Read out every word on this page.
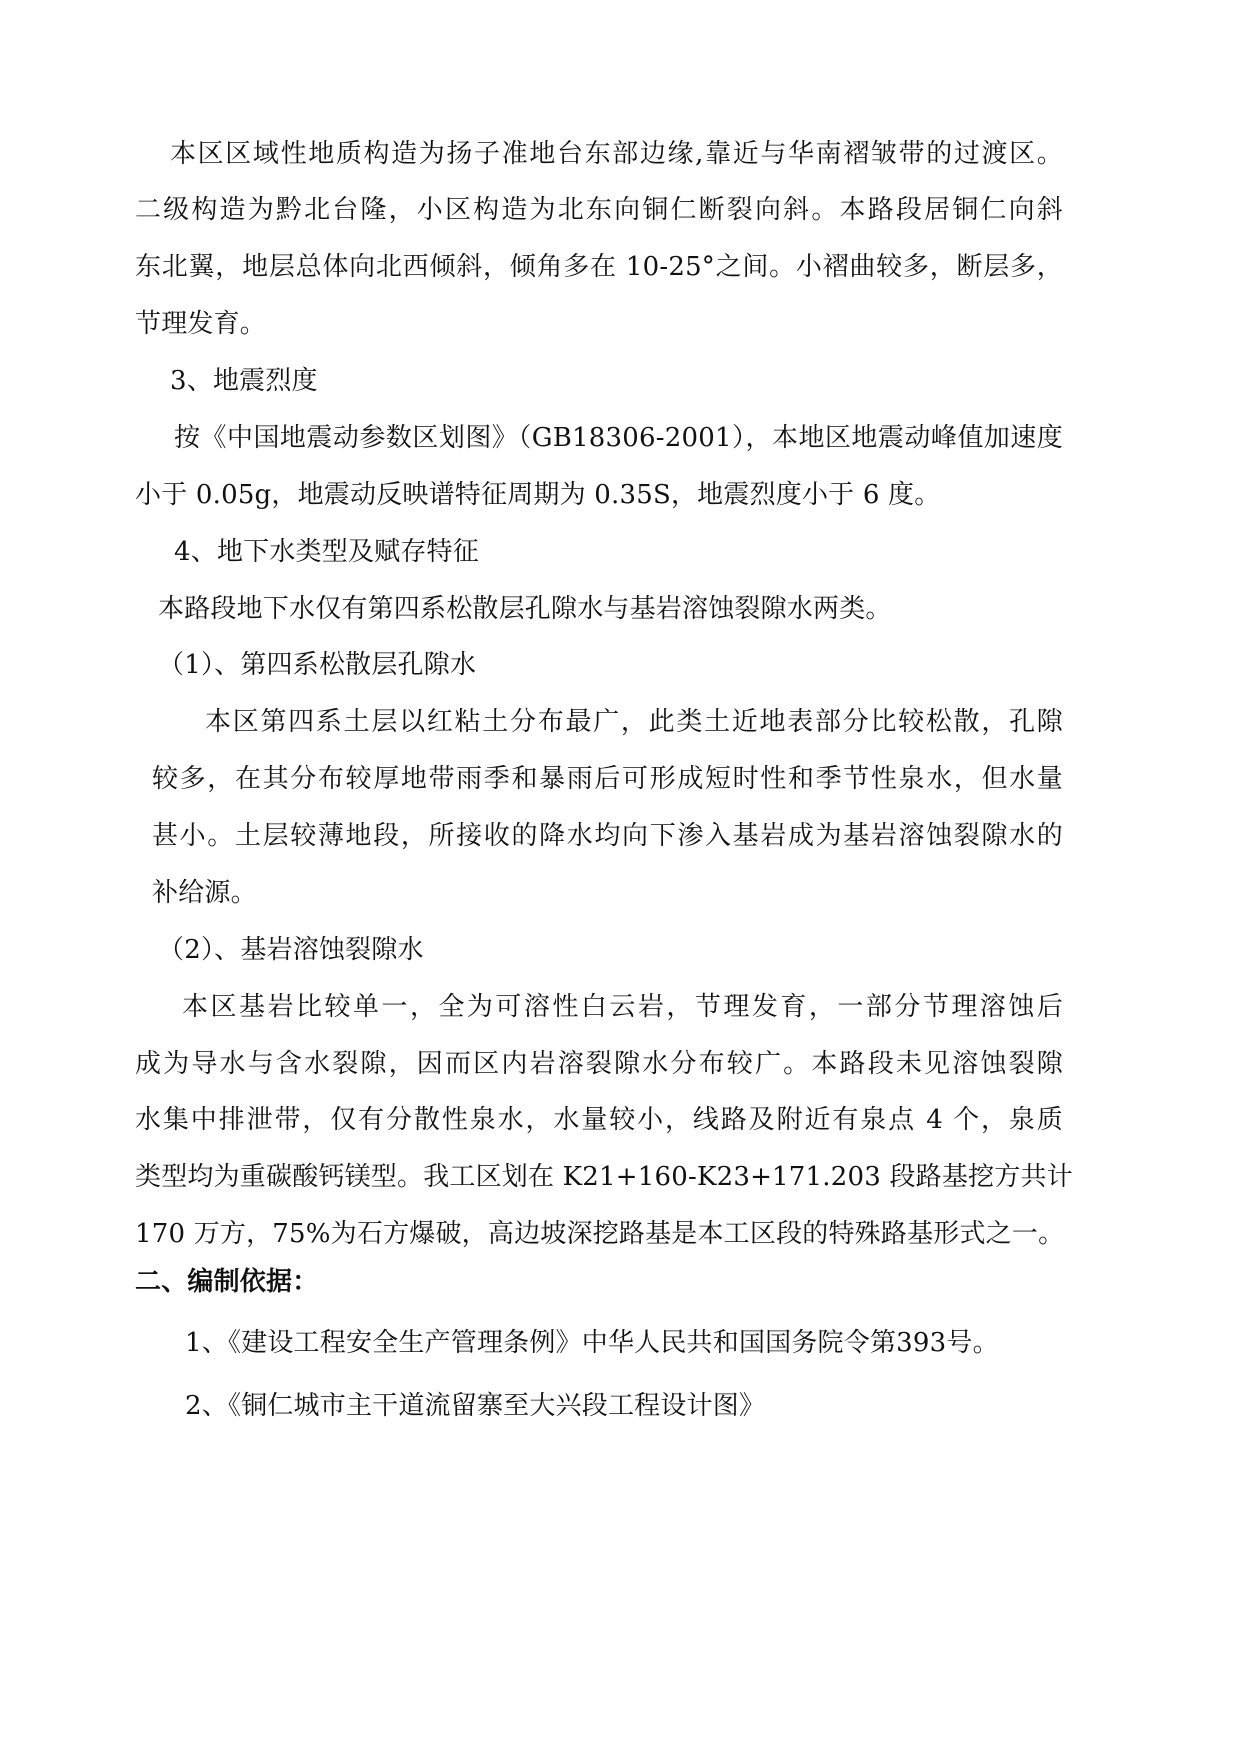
本区区域性地质构造为扬子准地台东部边缘,靠近与华南褶皱带的过渡区。
二级构造为黔北台隆，小区构造为北东向铜仁断裂向斜。本路段居铜仁向斜
东北翼，地层总体向北西倾斜，倾角多在 10-25°之间。小褶曲较多，断层多，
节理发育。
3、地震烈度
按《中国地震动参数区划图》（GB18306-2001），本地区地震动峰值加速度
小于 0.05g，地震动反映谱特征周期为 0.35S，地震烈度小于 6 度。
4、地下水类型及赋存特征
本路段地下水仅有第四系松散层孔隙水与基岩溶蚀裂隙水两类。
（1）、第四系松散层孔隙水
本区第四系土层以红粘土分布最广，此类土近地表部分比较松散，孔隙
较多，在其分布较厚地带雨季和暴雨后可形成短时性和季节性泉水，但水量
甚小。土层较薄地段，所接收的降水均向下渗入基岩成为基岩溶蚀裂隙水的
补给源。
（2）、基岩溶蚀裂隙水
本区基岩比较单一，全为可溶性白云岩，节理发育，一部分节理溶蚀后
成为导水与含水裂隙，因而区内岩溶裂隙水分布较广。本路段未见溶蚀裂隙
水集中排泄带，仅有分散性泉水，水量较小，线路及附近有泉点 4 个，泉质
类型均为重碳酸钙镁型。我工区划在 K21+160-K23+171.203 段路基挖方共计
170 万方，75%为石方爆破，高边坡深挖路基是本工区段的特殊路基形式之一。
二、编制依据：
1、《建设工程安全生产管理条例》中华人民共和国国务院令第393号。
2、《铜仁城市主干道流留寨至大兴段工程设计图》
